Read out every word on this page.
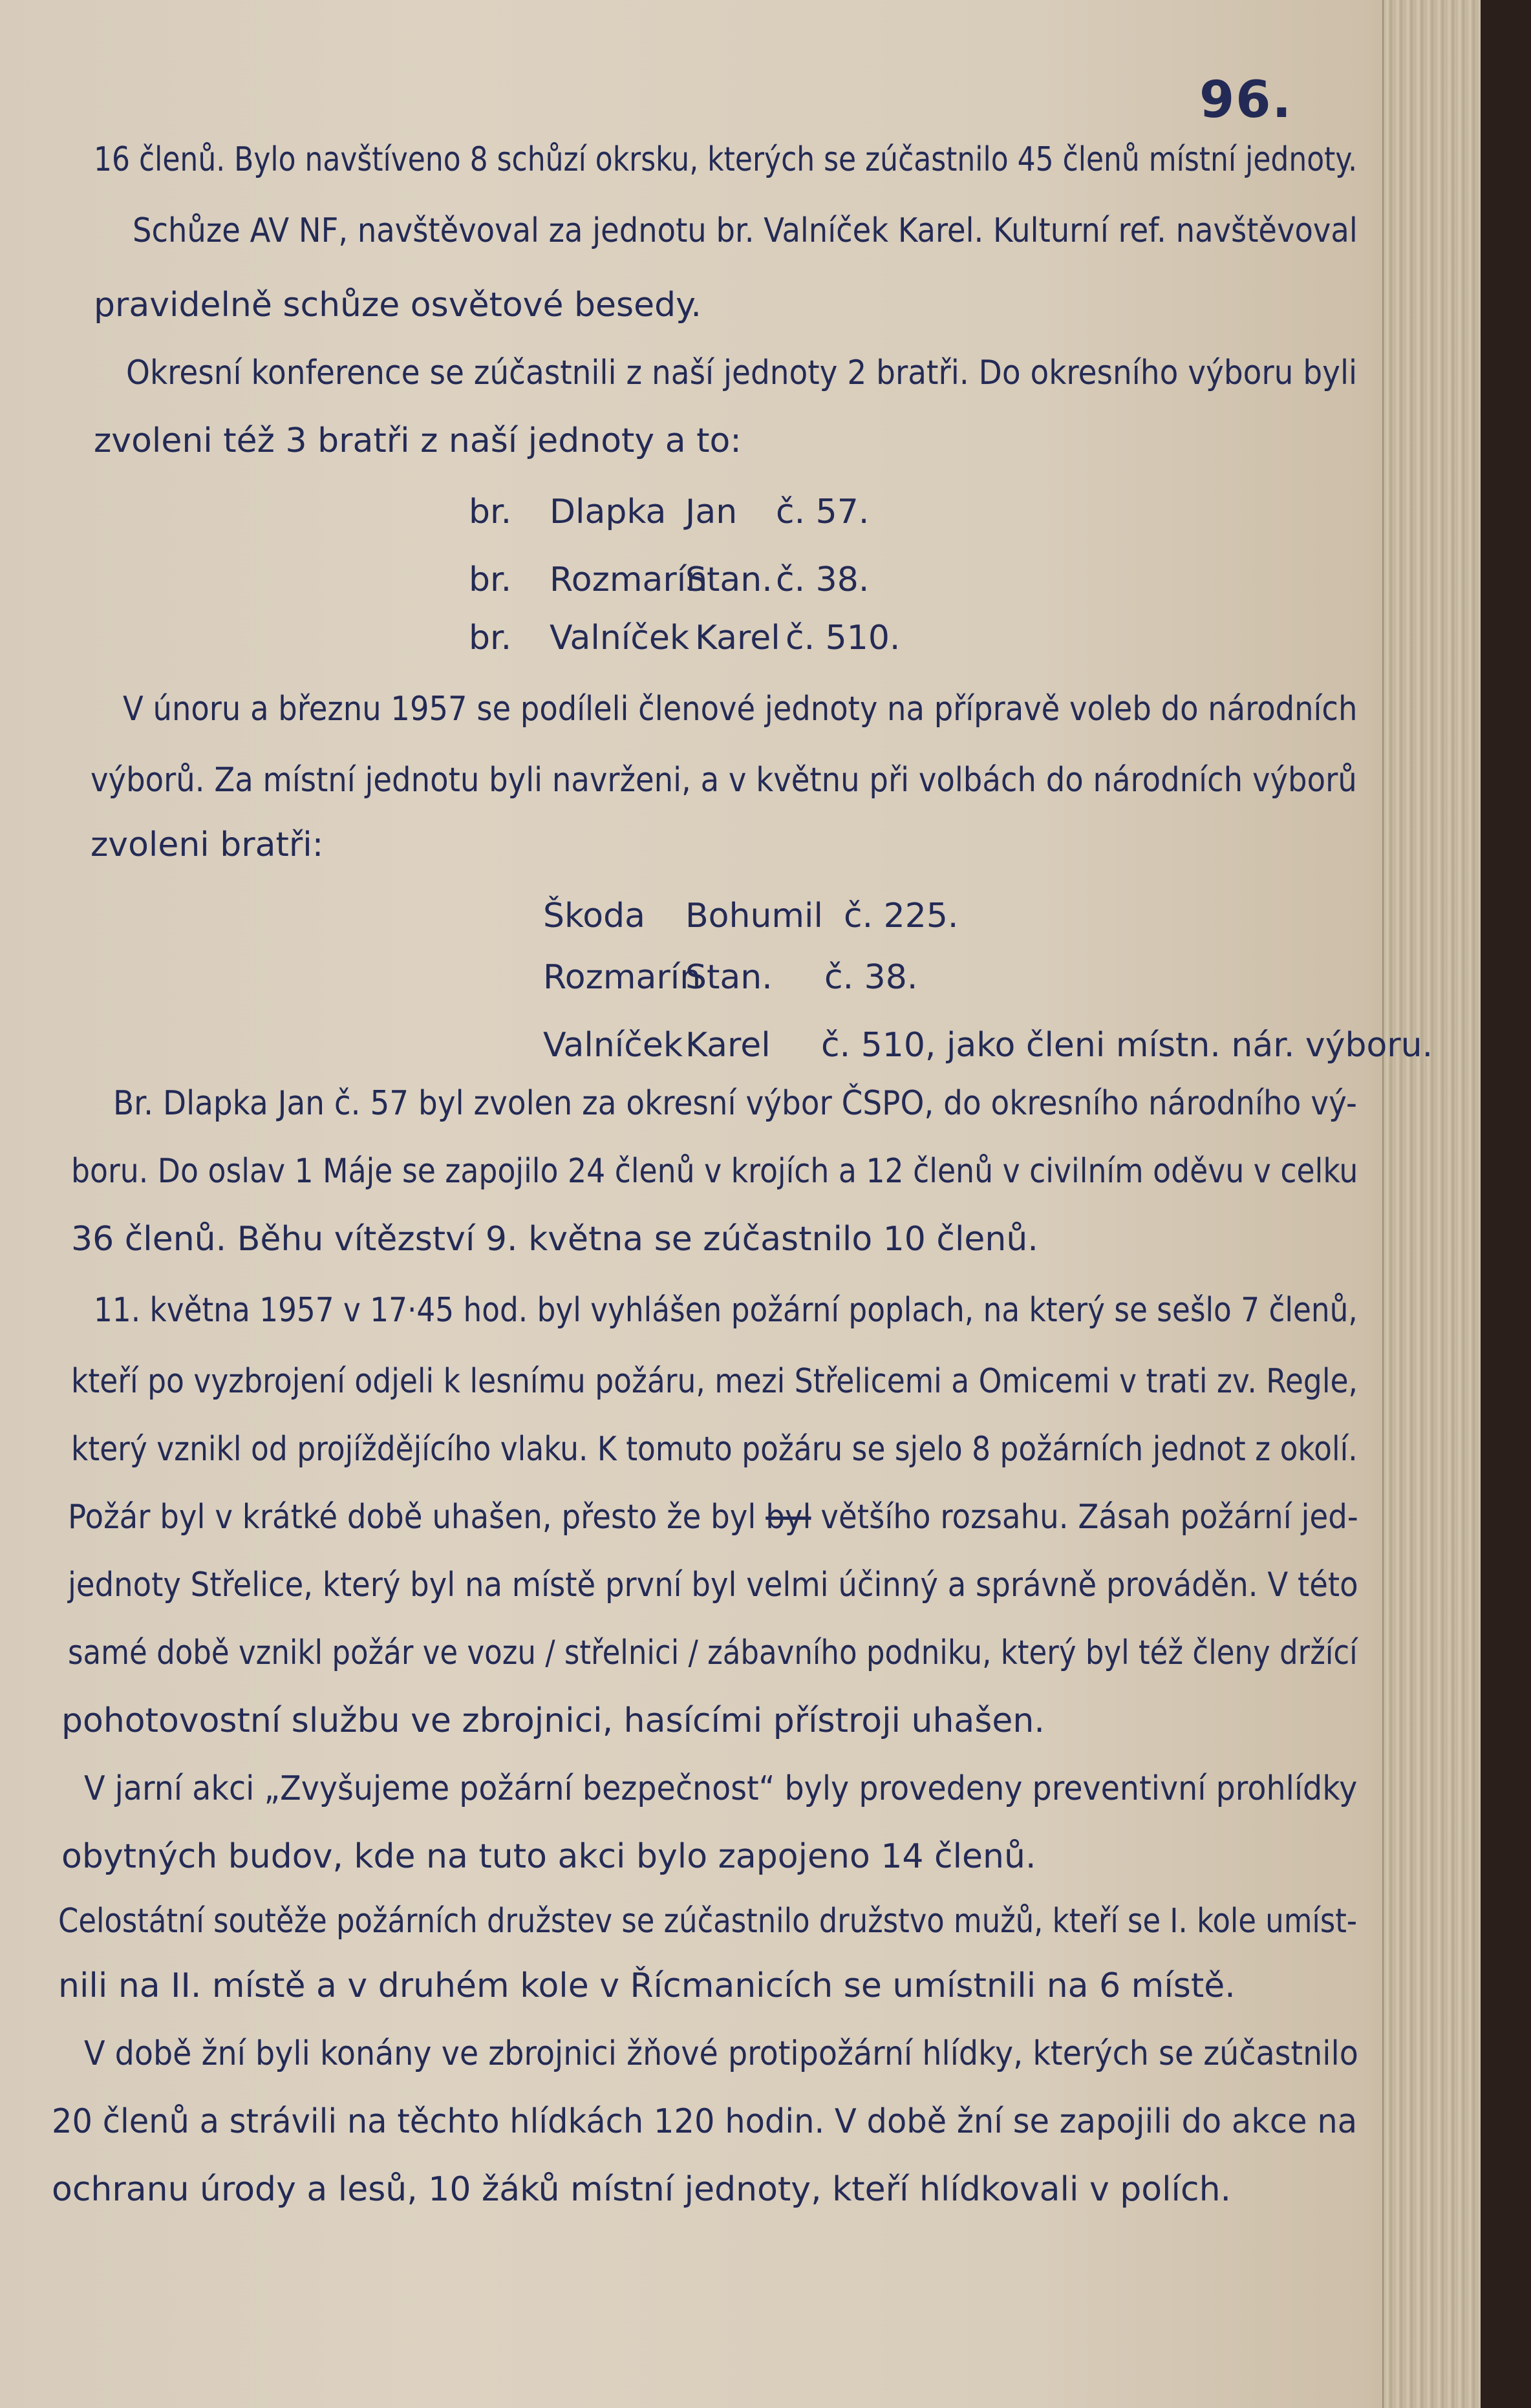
96.
16 členů. Bylo navštíveno 8 schůzí okrsku, kterých se zúčastnilo 45 členů místní jednoty.
Schůze AV NF, navštěvoval za jednotu br. Valníček Karel. Kulturní ref. navštěvoval
pravidelně schůze osvětové besedy.
Okresní konference se zúčastnili z naší jednoty 2 bratři. Do okresního výboru byli
zvoleni též 3 bratři z naší jednoty a to:
br. Dlapka Jan č. 57.
br. Rozmarín
Stan. č. 38.
br. Valníček Karel č. 510.
V únoru a březnu 1957 se podíleli členové jednoty na přípravě voleb do národních
výborů. Za místní jednotu byli navrženi, a v květnu při volbách do národních výborů
zvoleni bratři:
Škoda Bohumil č. 225.
Rozmarín
Stan. č. 38.
Valníček Karel č. 510, jako členi místn. nár. výboru.
Br. Dlapka Jan č. 57 byl zvolen za okresní výbor ČSPO, do okresního národního vý-
boru. Do oslav 1 Máje se zapojilo 24 členů v krojích a 12 členů v civilním oděvu v celku
36 členů. Běhu vítězství 9. května se zúčastnilo 10 členů.
11. května 1957 v 17·45 hod. byl vyhlášen požární poplach, na který se sešlo 7 členů,
kteří po vyzbrojení odjeli k lesnímu požáru, mezi Střelicemi a Omicemi v trati zv. Regle,
který vznikl od projíždějícího vlaku. K tomuto požáru se sjelo 8 požárních jednot z okolí.
Požár byl v krátké době uhašen, přesto že byl byl většího rozsahu. Zásah požární jed-
jednoty Střelice, který byl na místě první byl velmi účinný a správně prováděn. V této
samé době vznikl požár ve vozu / střelnici / zábavního podniku, který byl též členy držící
pohotovostní službu ve zbrojnici, hasícími přístroji uhašen.
V jarní akci „Zvyšujeme požární bezpečnost“ byly provedeny preventivní prohlídky
obytných budov, kde na tuto akci bylo zapojeno 14 členů.
Celostátní soutěže požárních družstev se zúčastnilo družstvo mužů, kteří se I. kole umíst-
nili na II. místě a v druhém kole v Řícmanicích se umístnili na 6 místě.
V době žní byli konány ve zbrojnici žňové protipožární hlídky, kterých se zúčastnilo
20 členů a strávili na těchto hlídkách 120 hodin. V době žní se zapojili do akce na
ochranu úrody a lesů, 10 žáků místní jednoty, kteří hlídkovali v polích.
